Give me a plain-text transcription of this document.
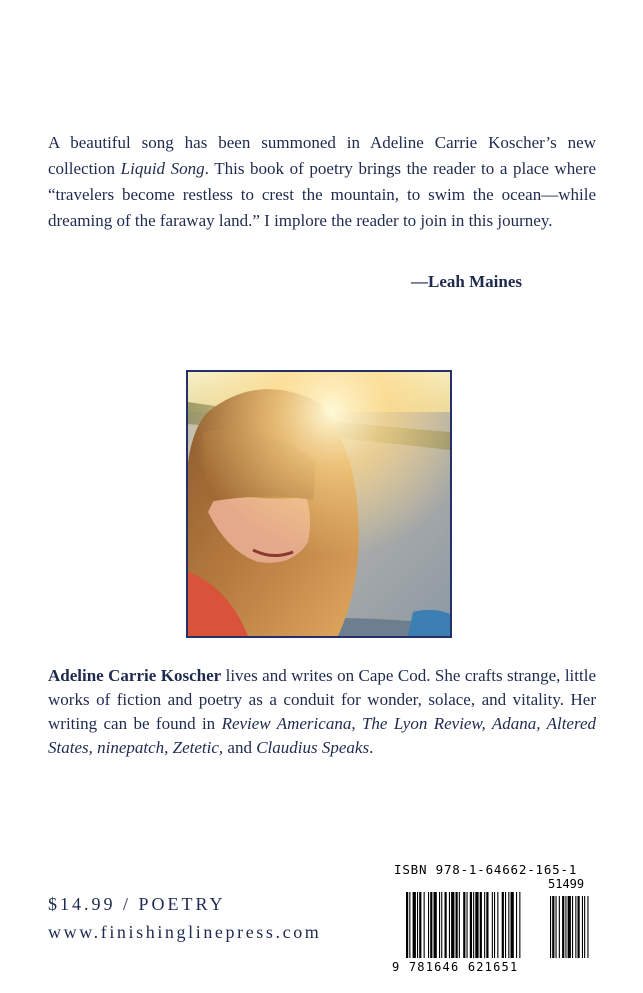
A beautiful song has been summoned in Adeline Carrie Koscher’s new collection Liquid Song. This book of poetry brings the reader to a place where “travelers become restless to crest the mountain, to swim the ocean—while dreaming of the faraway land.” I implore the reader to join in this journey.

—Leah Maines

Adeline Carrie Koscher lives and writes on Cape Cod. She crafts strange, little works of fiction and poetry as a conduit for wonder, solace, and vitality. Her writing can be found in Review Americana, The Lyon Review, Adana, Altered States, ninepatch, Zetetic, and Claudius Speaks.

$14.99 / POETRY
www.finishinglinepress.com
ISBN 978-1-64662-165-1
51499
9 781646 621651
